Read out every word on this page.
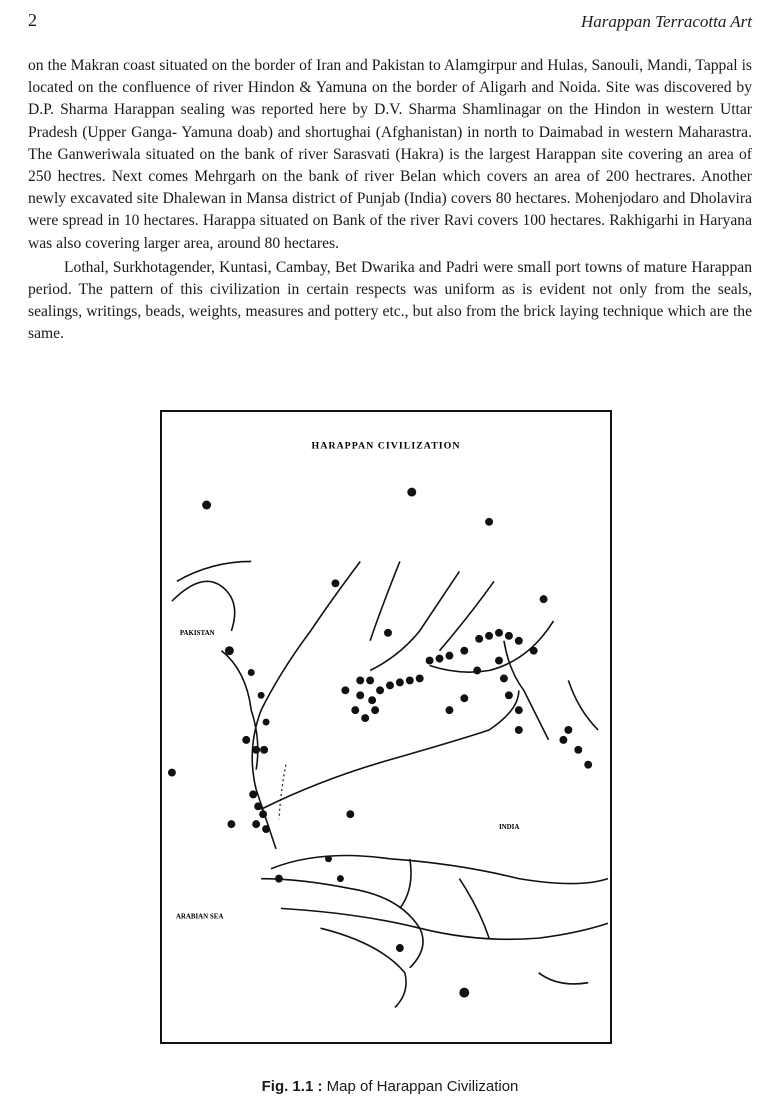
2	Harappan Terracotta Art

on the Makran coast situated on the border of Iran and Pakistan to Alamgirpur and Hulas, Sanouli, Mandi, Tappal is located on the confluence of river Hindon & Yamuna on the border of Aligarh and Noida. Site was discovered by D.P. Sharma Harappan sealing was reported here by D.V. Sharma Shamlinagar on the Hindon in western Uttar Pradesh (Upper Ganga- Yamuna doab) and shortughai (Afghanistan) in north to Daimabad in western Maharastra. The Ganweriwala situated on the bank of river Sarasvati (Hakra) is the largest Harappan site covering an area of 250 hectres. Next comes Mehrgarh on the bank of river Belan which covers an area of 200 hectrares. Another newly excavated site Dhalewan in Mansa district of Punjab (India) covers 80 hectares. Mohenjodaro and Dholavira were spread in 10 hectares. Harappa situated on Bank of the river Ravi covers 100 hectares. Rakhigarhi in Haryana was also covering larger area, around 80 hectares.

Lothal, Surkhotagender, Kuntasi, Cambay, Bet Dwarika and Padri were small port towns of mature Harappan period. The pattern of this civilization in certain respects was uniform as is evident not only from the seals, sealings, writings, beads, weights, measures and pottery etc., but also from the brick laying technique which are the same.

HARAPPAN CIVILIZATION
PAKISTAN
INDIA
ARABIAN SEA
Fig. 1.1 : Map of Harappan Civilization
